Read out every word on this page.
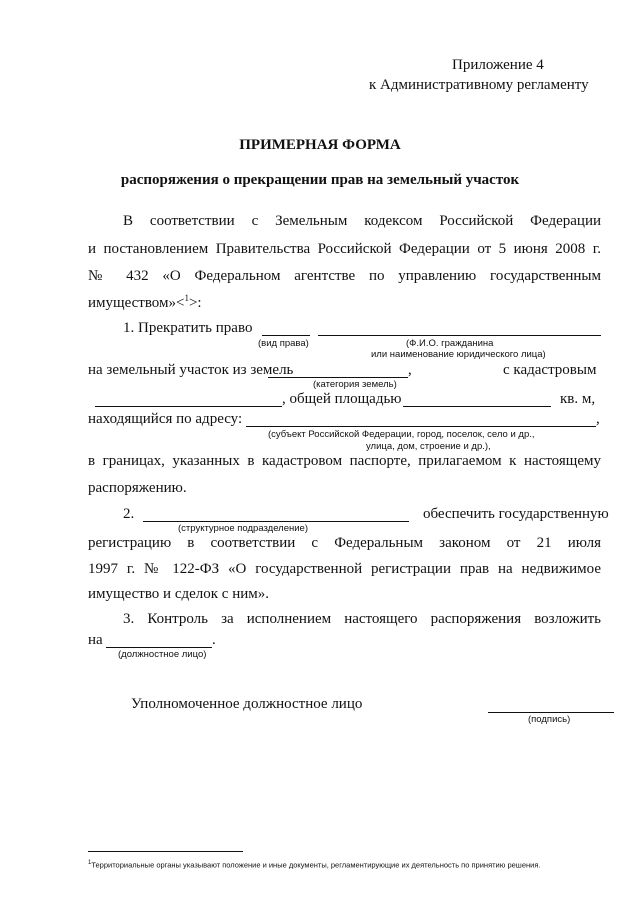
Приложение 4
к Административному регламенту
ПРИМЕРНАЯ ФОРМА
распоряжения о прекращении прав на земельный участок
В соответствии с Земельным кодексом Российской Федерации
и постановлением Правительства Российской Федерации от 5 июня 2008 г.
№ 432 «О Федеральном агентстве по управлению государственным
имуществом»<$^1$>:
1. Прекратить право
(вид права)	(Ф.И.О. гражданина
или наименование юридического лица)
на земельный участок из земель	,	с кадастровым
(категория земель)
, общей площадью	кв. м,
находящийся по адресу:	,
(субъект Российской Федерации, город, поселок, село и др.,
улица, дом, строение и др.),
в границах, указанных в кадастровом паспорте, прилагаемом к настоящему
распоряжению.
2.	обеспечить государственную
(структурное подразделение)
регистрацию в соответствии с Федеральным законом от 21 июля
1997 г. № 122-ФЗ «О государственной регистрации прав на недвижимое
имущество и сделок с ним».
3. Контроль за исполнением настоящего распоряжения возложить
на	.
(должностное лицо)
Уполномоченное должностное лицо
(подпись)
$^1$Территориальные органы указывают положение и иные документы, регламентирующие их деятельность по принятию решения.
